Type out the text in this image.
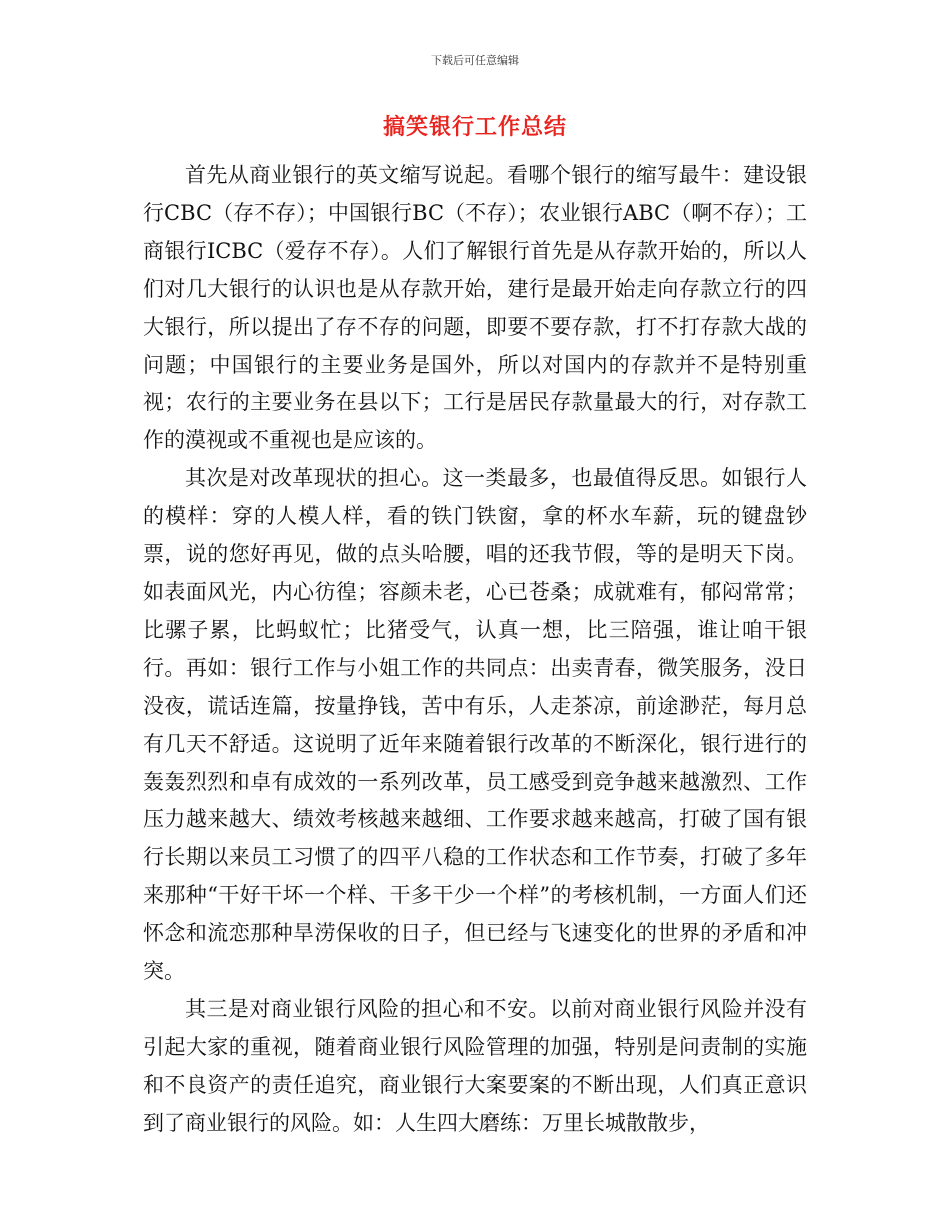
下载后可任意编辑
搞笑银行工作总结

首先从商业银行的英文缩写说起。看哪个银行的缩写最牛：建设银行CBC（存不存）；中国银行BC（不存）；农业银行ABC（啊不存）；工商银行ICBC（爱存不存）。人们了解银行首先是从存款开始的，所以人们对几大银行的认识也是从存款开始，建行是最开始走向存款立行的四大银行，所以提出了存不存的问题，即要不要存款，打不打存款大战的问题；中国银行的主要业务是国外，所以对国内的存款并不是特别重视；农行的主要业务在县以下；工行是居民存款量最大的行，对存款工作的漠视或不重视也是应该的。

其次是对改革现状的担心。这一类最多，也最值得反思。如银行人的模样：穿的人模人样，看的铁门铁窗，拿的杯水车薪，玩的键盘钞票，说的您好再见，做的点头哈腰，唱的还我节假，等的是明天下岗。如表面风光，内心彷徨；容颜未老，心已苍桑；成就难有，郁闷常常；比骡子累，比蚂蚁忙；比猪受气，认真一想，比三陪强，谁让咱干银行。再如：银行工作与小姐工作的共同点：出卖青春，微笑服务，没日没夜，谎话连篇，按量挣钱，苦中有乐，人走茶凉，前途渺茫，每月总有几天不舒适。这说明了近年来随着银行改革的不断深化，银行进行的轰轰烈烈和卓有成效的一系列改革，员工感受到竞争越来越激烈、工作压力越来越大、绩效考核越来越细、工作要求越来越高，打破了国有银行长期以来员工习惯了的四平八稳的工作状态和工作节奏，打破了多年来那种“干好干坏一个样、干多干少一个样”的考核机制，一方面人们还怀念和流恋那种旱涝保收的日子，但已经与飞速变化的世界的矛盾和冲突。

其三是对商业银行风险的担心和不安。以前对商业银行风险并没有引起大家的重视，随着商业银行风险管理的加强，特别是问责制的实施和不良资产的责任追究，商业银行大案要案的不断出现，人们真正意识到了商业银行的风险。如：人生四大磨练：万里长城散散步，
